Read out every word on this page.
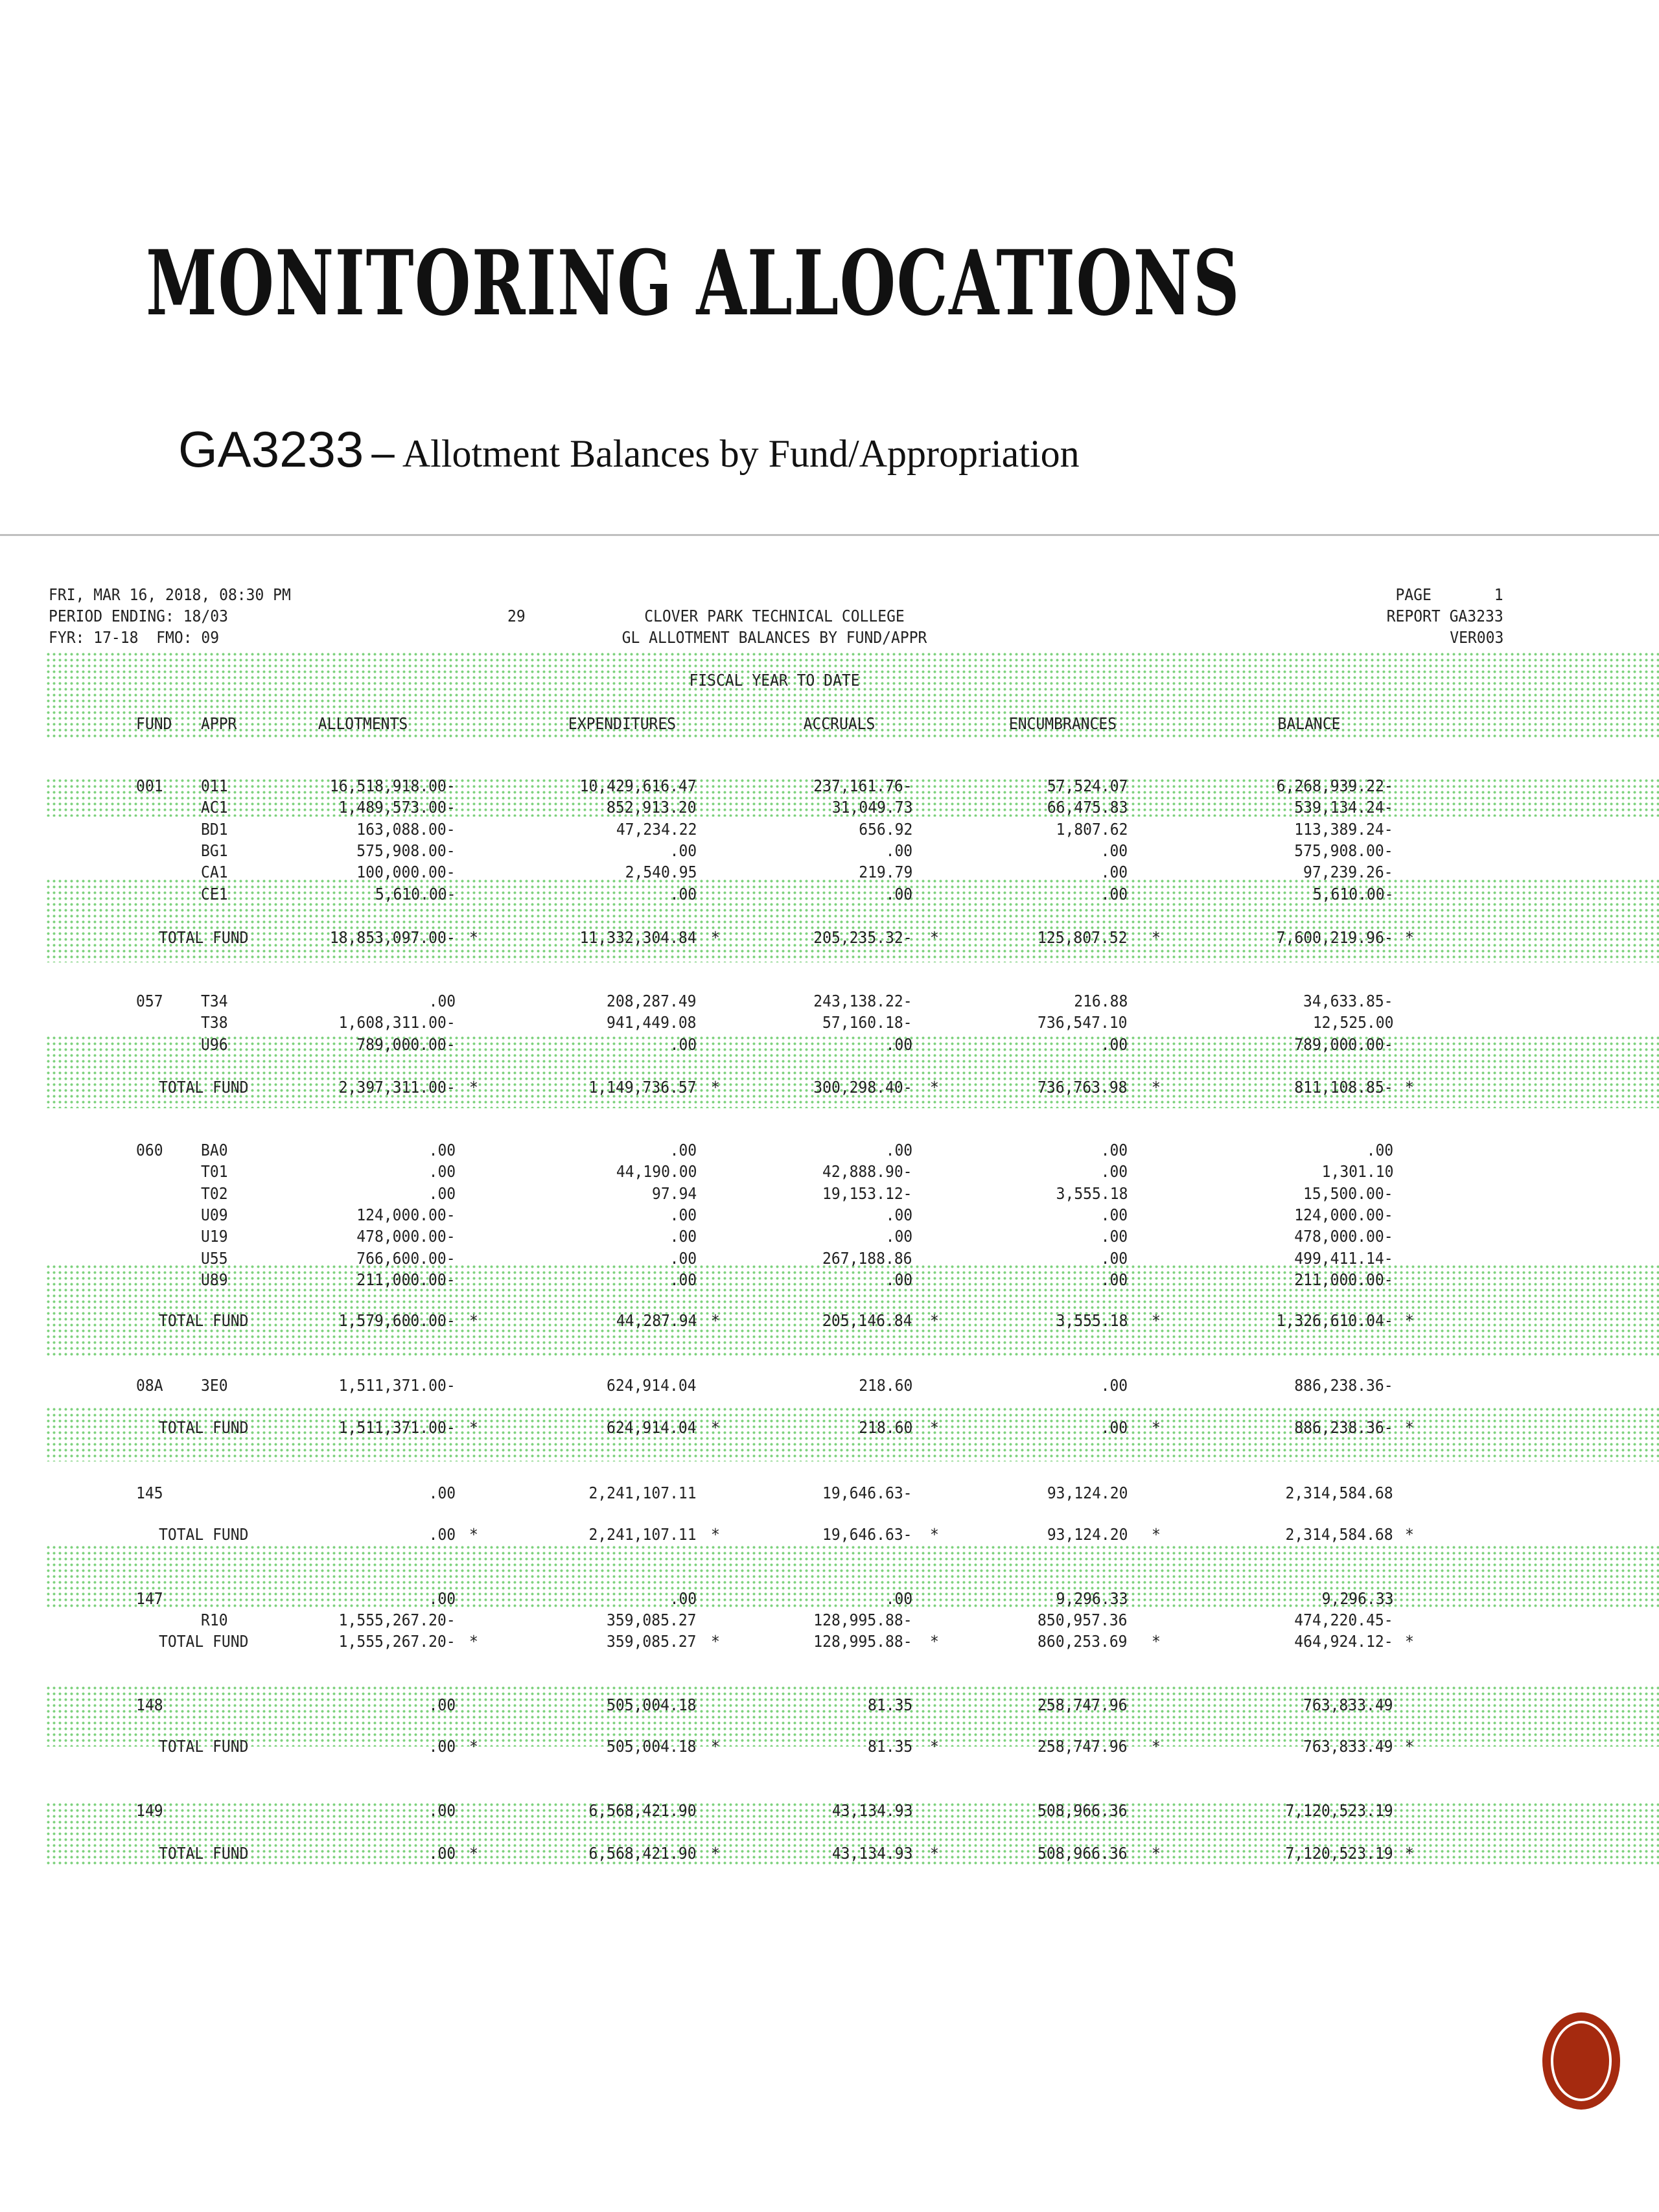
MONITORING ALLOCATIONS
GA3233 – Allotment Balances by Fund/Appropriation
FRI, MAR 16, 2018, 08:30 PM
PERIOD ENDING: 18/03
FYR: 17-18  FMO: 09
29	CLOVER PARK TECHNICAL COLLEGE
GL ALLOTMENT BALANCES BY FUND/APPR
PAGE       1
REPORT GA3233
VER003
FISCAL YEAR TO DATE
FUND APPR	ALLOTMENTS	EXPENDITURES	ACCRUALS	ENCUMBRANCES	BALANCE
001 011	16,518,918.00-	10,429,616.47	237,161.76-	57,524.07	6,268,939.22-
AC1	1,489,573.00-	852,913.20	31,049.73	66,475.83	539,134.24-
BD1	163,088.00-	47,234.22	656.92	1,807.62	113,389.24-
BG1	575,908.00-	.00	.00	.00	575,908.00-
CA1	100,000.00-	2,540.95	219.79	.00	97,239.26-
CE1	5,610.00-	.00	.00	.00	5,610.00-
TOTAL FUND	18,853,097.00- *	11,332,304.84 *	205,235.32- *	125,807.52 *	7,600,219.96- *
057 T34	.00	208,287.49	243,138.22-	216.88	34,633.85-
T38	1,608,311.00-	941,449.08	57,160.18-	736,547.10	12,525.00
U96	789,000.00-	.00	.00	.00	789,000.00-
TOTAL FUND	2,397,311.00- *	1,149,736.57 *	300,298.40- *	736,763.98 *	811,108.85- *
060 BA0	.00	.00	.00	.00	.00
T01	.00	44,190.00	42,888.90-	.00	1,301.10
T02	.00	97.94	19,153.12-	3,555.18	15,500.00-
U09	124,000.00-	.00	.00	.00	124,000.00-
U19	478,000.00-	.00	.00	.00	478,000.00-
U55	766,600.00-	.00	267,188.86	.00	499,411.14-
U89	211,000.00-	.00	.00	.00	211,000.00-
TOTAL FUND	1,579,600.00- *	44,287.94 *	205,146.84 *	3,555.18 *	1,326,610.04- *
08A 3E0	1,511,371.00-	624,914.04	218.60	.00	886,238.36-
TOTAL FUND	1,511,371.00- *	624,914.04 *	218.60 *	.00 *	886,238.36- *
145	.00	2,241,107.11	19,646.63-	93,124.20	2,314,584.68
TOTAL FUND	.00 *	2,241,107.11 *	19,646.63- *	93,124.20 *	2,314,584.68 *
147	.00	.00	.00	9,296.33	9,296.33
R10	1,555,267.20-	359,085.27	128,995.88-	850,957.36	474,220.45-
TOTAL FUND	1,555,267.20- *	359,085.27 *	128,995.88- *	860,253.69 *	464,924.12- *
148	.00	505,004.18	81.35	258,747.96	763,833.49
TOTAL FUND	.00 *	505,004.18 *	81.35 *	258,747.96 *	763,833.49 *
149	.00	6,568,421.90	43,134.93	508,966.36	7,120,523.19
TOTAL FUND	.00 *	6,568,421.90 *	43,134.93 *	508,966.36 *	7,120,523.19 *
